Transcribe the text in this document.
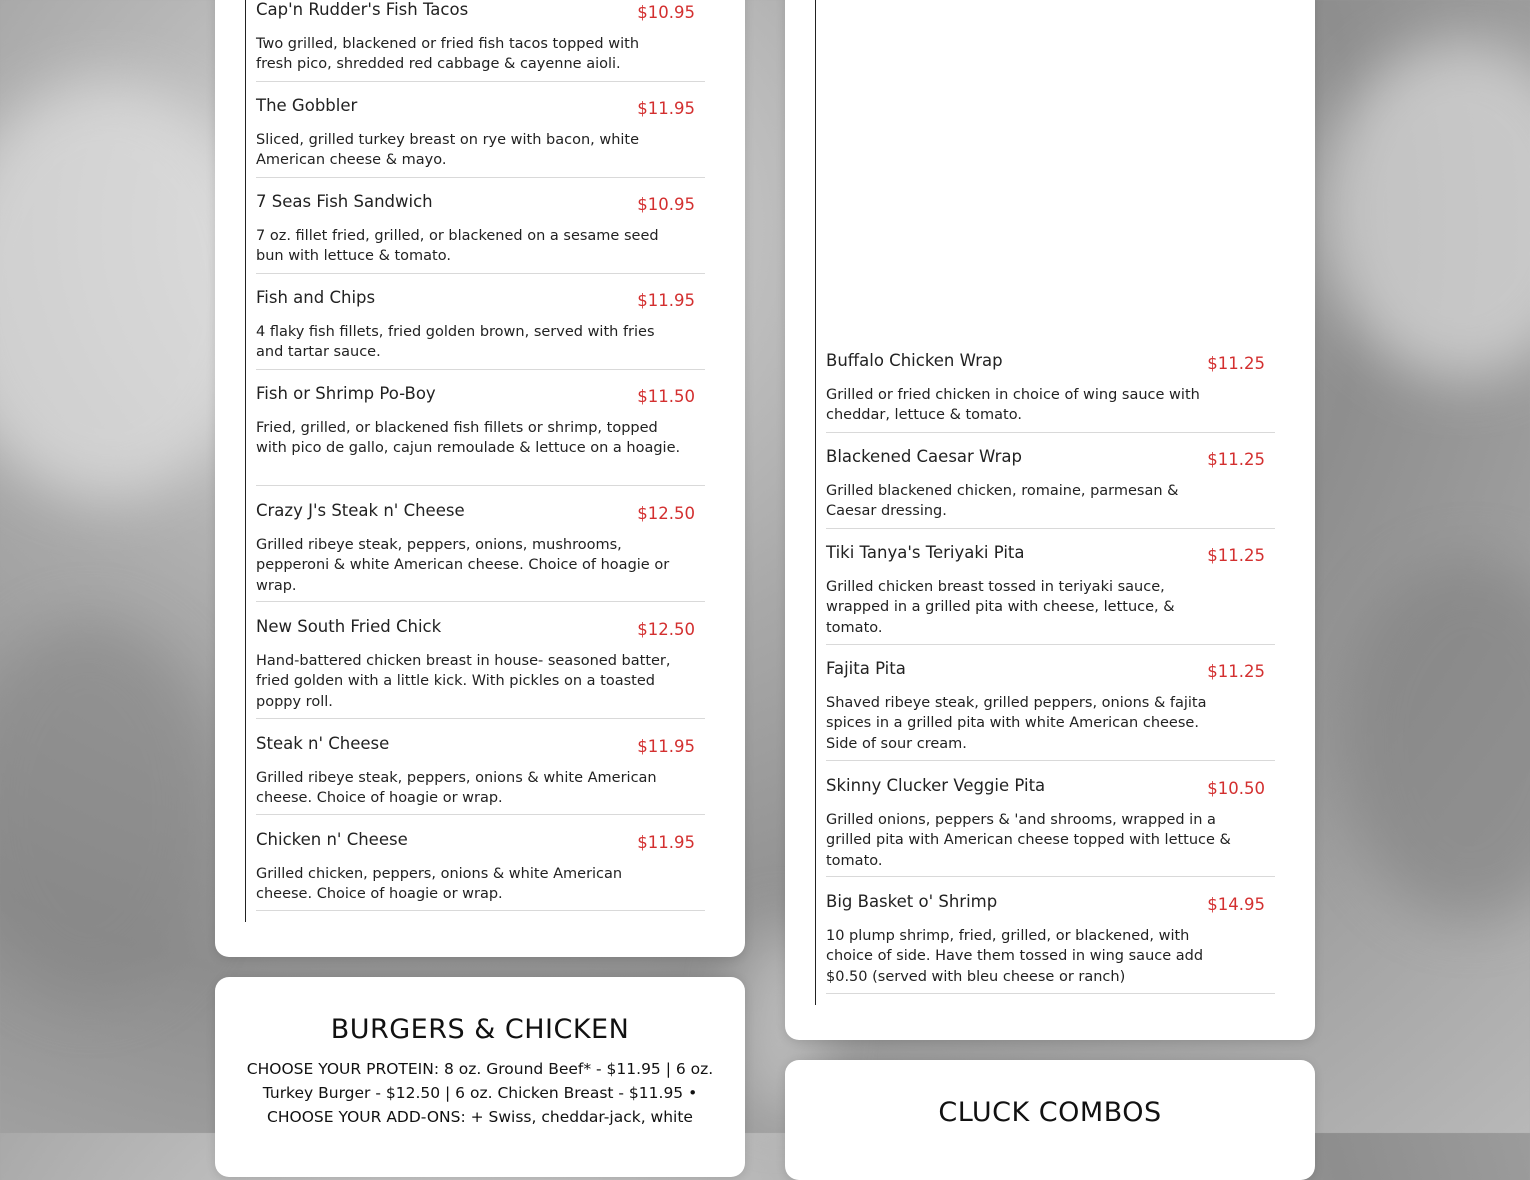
Cap'n Rudder's Fish Tacos	$10.95
Two grilled, blackened or fried fish tacos topped with fresh pico, shredded red cabbage & cayenne aioli.
The Gobbler	$11.95
Sliced, grilled turkey breast on rye with bacon, white American cheese & mayo.
7 Seas Fish Sandwich	$10.95
7 oz. fillet fried, grilled, or blackened on a sesame seed bun with lettuce & tomato.
Fish and Chips	$11.95
4 flaky fish fillets, fried golden brown, served with fries and tartar sauce.
Fish or Shrimp Po-Boy	$11.50
Fried, grilled, or blackened fish fillets or shrimp, topped with pico de gallo, cajun remoulade & lettuce on a hoagie.
Crazy J's Steak n' Cheese	$12.50
Grilled ribeye steak, peppers, onions, mushrooms, pepperoni & white American cheese. Choice of hoagie or wrap.
New South Fried Chick	$12.50
Hand-battered chicken breast in house- seasoned batter, fried golden with a little kick. With pickles on a toasted poppy roll.
Steak n' Cheese	$11.95
Grilled ribeye steak, peppers, onions & white American cheese. Choice of hoagie or wrap.
Chicken n' Cheese	$11.95
Grilled chicken, peppers, onions & white American cheese. Choice of hoagie or wrap.
Buffalo Chicken Wrap	$11.25
Grilled or fried chicken in choice of wing sauce with cheddar, lettuce & tomato.
Blackened Caesar Wrap	$11.25
Grilled blackened chicken, romaine, parmesan & Caesar dressing.
Tiki Tanya's Teriyaki Pita	$11.25
Grilled chicken breast tossed in teriyaki sauce, wrapped in a grilled pita with cheese, lettuce, & tomato.
Fajita Pita	$11.25
Shaved ribeye steak, grilled peppers, onions & fajita spices in a grilled pita with white American cheese. Side of sour cream.
Skinny Clucker Veggie Pita	$10.50
Grilled onions, peppers & 'and shrooms, wrapped in a grilled pita with American cheese topped with lettuce & tomato.
Big Basket o' Shrimp	$14.95
10 plump shrimp, fried, grilled, or blackened, with choice of side. Have them tossed in wing sauce add $0.50 (served with bleu cheese or ranch)
BURGERS & CHICKEN
CHOOSE YOUR PROTEIN: 8 oz. Ground Beef* - $11.95 | 6 oz. Turkey Burger - $12.50 | 6 oz. Chicken Breast - $11.95 • CHOOSE YOUR ADD-ONS: + Swiss, cheddar-jack, white	CLUCK COMBOS
